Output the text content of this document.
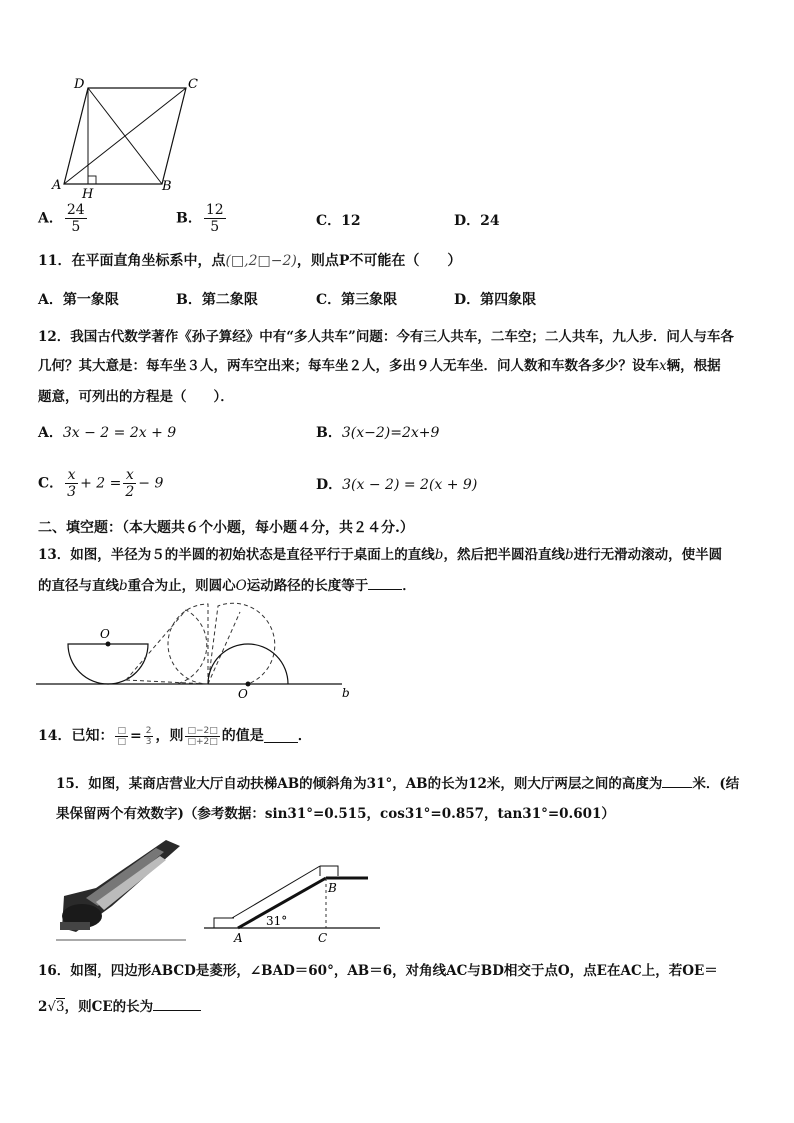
D	C
A	B
H
A． $\frac{24}{5}$	B． $\frac{12}{5}$	C．12	D．24
11．在平面直角坐标系中，点(□,2□−2)，则点P不可能在（　　）
A．第一象限	B．第二象限	C．第三象限	D．第四象限
12．我国古代数学著作《孙子算经》中有“多人共车”问题：今有三人共车，二车空；二人共车，九人步．问人与车各
几何？其大意是：每车坐３人，两车空出来；每车坐２人，多出９人无车坐．问人数和车数各多少？设车x辆，根据
题意，可列出的方程是（　　）．
A．3x − 2 = 2x + 9	B．3(x−2)=2x+9
C． $\frac{x}{3} + 2 = \frac{x}{2} - 9$	D．3(x − 2) = 2(x + 9)
二、填空题：（本大题共６个小题，每小题４分，共２４分.）
13．如图，半径为５的半圆的初始状态是直径平行于桌面上的直线b，然后把半圆沿直线b进行无滑动滚动，使半圆
的直径与直线b重合为止，则圆心O运动路径的长度等于	．
O
O	b
14．已知： $\frac{□}{□} = \frac{2}{3}$ ，则 $\frac{□-2□}{□+2□}$ 的值是 ．
15．如图，某商店营业大厅自动扶梯AB的倾斜角为31°，AB的长为12米，则大厅两层之间的高度为 米．(结
果保留两个有效数字)（参考数据：sin31°=0.515，cos31°=0.857，tan31°=0.601）
B
A	C
31°
16．如图，四边形ABCD是菱形，∠BAD＝60°，AB＝6，对角线AC与BD相交于点O，点E在AC上，若OE＝
2√3，则CE的长为
